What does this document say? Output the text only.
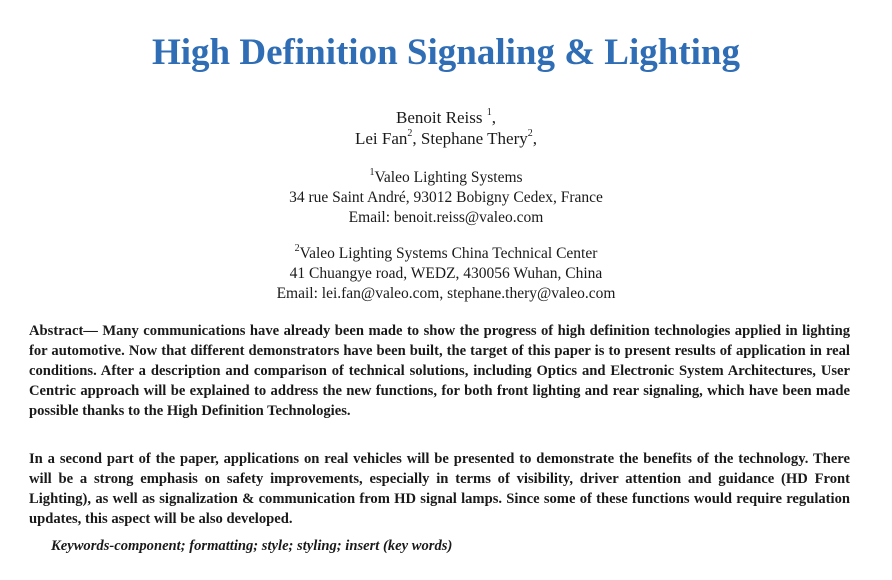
High Definition Signaling & Lighting
Benoit Reiss $^1$,
Lei Fan$^2$, Stephane Thery$^2$,
$^1$Valeo Lighting Systems
34 rue Saint André, 93012 Bobigny Cedex, France
Email: benoit.reiss@valeo.com
$^2$Valeo Lighting Systems China Technical Center
41 Chuangye road, WEDZ, 430056 Wuhan, China
Email: lei.fan@valeo.com, stephane.thery@valeo.com

Abstract— Many communications have already been made to show the progress of high definition technologies applied in lighting for automotive. Now that different demonstrators have been built, the target of this paper is to present results of application in real conditions. After a description and comparison of technical solutions, including Optics and Electronic System Architectures, User Centric approach will be explained to address the new functions, for both front lighting and rear signaling, which have been made possible thanks to the High Definition Technologies.

In a second part of the paper, applications on real vehicles will be presented to demonstrate the benefits of the technology. There will be a strong emphasis on safety improvements, especially in terms of visibility, driver attention and guidance (HD Front Lighting), as well as signalization & communication from HD signal lamps. Since some of these functions would require regulation updates, this aspect will be also developed.

Keywords-component; formatting; style; styling; insert (key words)
